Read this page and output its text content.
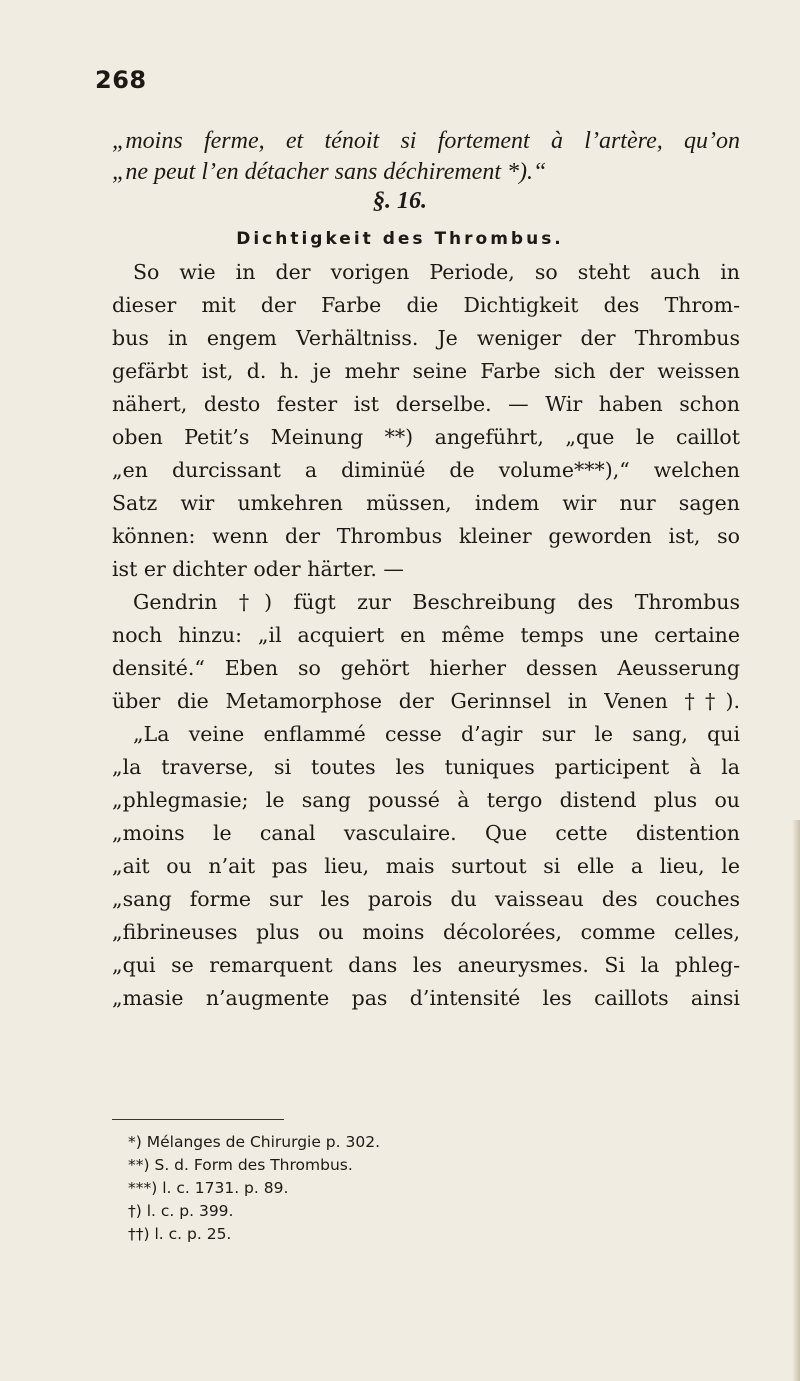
268
„moins ferme, et ténoit si fortement à l’artère, qu’on
„ne peut l’en détacher sans déchirement *).“
§. 16.
Dichtigkeit des Thrombus.
So wie in der vorigen Periode, so steht auch in
dieser mit der Farbe die Dichtigkeit des Throm-
bus in engem Verhältniss. Je weniger der Thrombus
gefärbt ist, d. h. je mehr seine Farbe sich der weissen
nähert, desto fester ist derselbe. — Wir haben schon
oben Petit’s Meinung **) angeführt, „que le caillot
„en durcissant a diminüé de volume***),“ welchen
Satz wir umkehren müssen, indem wir nur sagen
können: wenn der Thrombus kleiner geworden ist, so
ist er dichter oder härter. —
Gendrin †) fügt zur Beschreibung des Thrombus
noch hinzu: „il acquiert en même temps une certaine
densité.“ Eben so gehört hierher dessen Aeusserung
über die Metamorphose der Gerinnsel in Venen ††).
„La veine enflammé cesse d’agir sur le sang, qui
„la traverse, si toutes les tuniques participent à la
„phlegmasie; le sang poussé à tergo distend plus ou
„moins le canal vasculaire. Que cette distention
„ait ou n’ait pas lieu, mais surtout si elle a lieu, le
„sang forme sur les parois du vaisseau des couches
„fibrineuses plus ou moins décolorées, comme celles,
„qui se remarquent dans les aneurysmes. Si la phleg-
„masie n’augmente pas d’intensité les caillots ainsi
*) Mélanges de Chirurgie p. 302.
**) S. d. Form des Thrombus.
***) l. c. 1731. p. 89.
†) l. c. p. 399.
††) l. c. p. 25.
